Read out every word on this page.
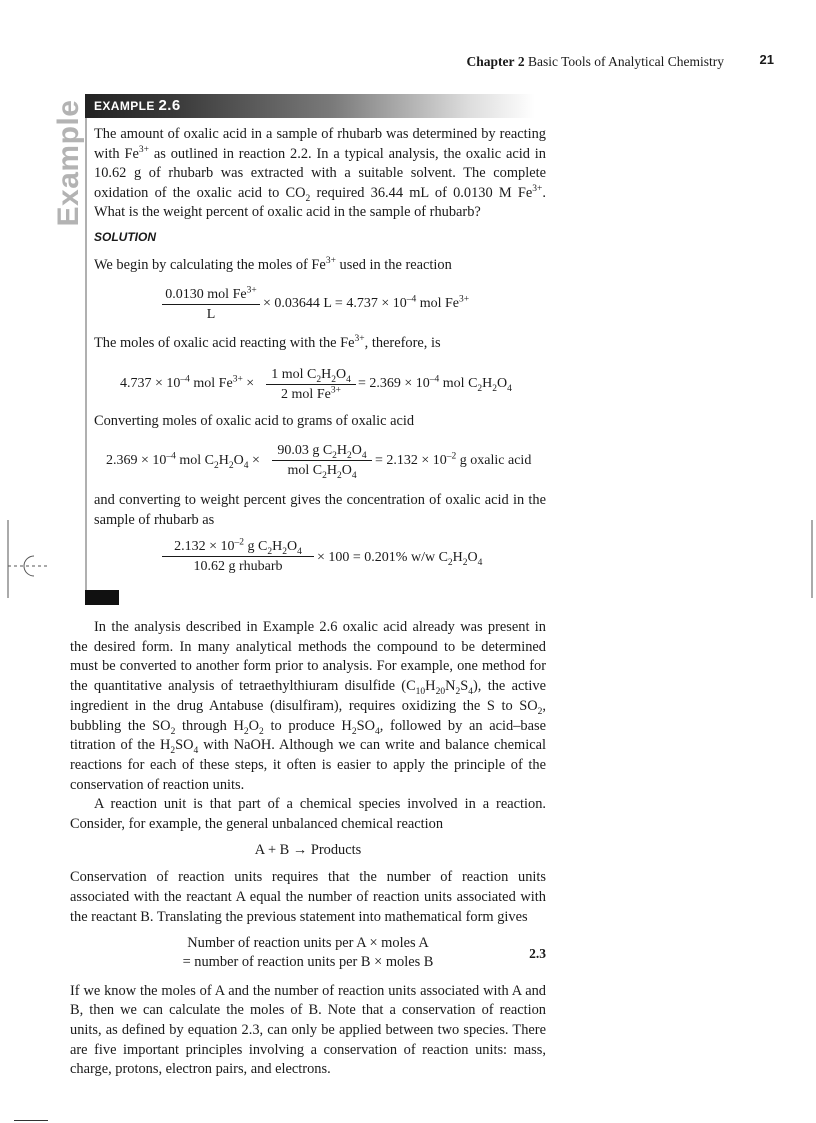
Chapter 2 Basic Tools of Analytical Chemistry	21
Example EXAMPLE 2.6

The amount of oxalic acid in a sample of rhubarb was determined by reacting with $Fe^{3+}$ as outlined in reaction 2.2. In a typical analysis, the oxalic acid in 10.62 g of rhubarb was extracted with a suitable solvent. The complete oxidation of the oxalic acid to $CO_2$ required 36.44 mL of 0.0130 M $Fe^{3+}$. What is the weight percent of oxalic acid in the sample of rhubarb?

SOLUTION
We begin by calculating the moles of $Fe^{3+}$ used in the reaction
0.0130 mol $Fe^{3+}$
L
× 0.03644 $L = 4.737 \times 10^{-4}$ mol $Fe^{3+}$
The moles of oxalic acid reacting with the $Fe^{3+}$, therefore, is
$4.737 \times 10^{-4}$ mol $Fe^{3+}$ ×
1 mol $C_2H_2O_4$
2 mol $Fe^{3+}$	= $2.369 \times 10^{-4}$ mol $C_2H_2O_4$
Converting moles of oxalic acid to grams of oxalic acid
$2.369 \times 10^{-4}$ mol $C_2H_2O_4$ ×
90.03 g $C_2H_2O_4$
mol $C_2H_2O_4$
= $2.132 \times 10^{-2}$ g oxalic acid
and converting to weight percent gives the concentration of oxalic acid in the sample of rhubarb as
$2.132 \times 10^{-2}$ g $C_2H_2O_4$
10.62 g rhubarb
× 100 = 0.201% w/w $C_2H_2O_4$

In the analysis described in Example 2.6 oxalic acid already was present in the desired form. In many analytical methods the compound to be determined must be converted to another form prior to analysis. For example, one method for the quantitative analysis of tetraethylthiuram disulfide $(C_{10}H_{20}N_2S_4)$, the active ingredient in the drug Antabuse (disulfiram), requires oxidizing the S to $SO_2$, bubbling the $SO_2$ through $H_2O_2$ to produce $H_2SO_4$, followed by an acid–base titration of the $H_2SO_4$ with NaOH. Although we can write and balance chemical reactions for each of these steps, it often is easier to apply the principle of the conservation of reaction units.

A reaction unit is that part of a chemical species involved in a reaction. Consider, for example, the general unbalanced chemical reaction

A + B → Products

Conservation of reaction units requires that the number of reaction units associated with the reactant A equal the number of reaction units associated with the reactant B. Translating the previous statement into mathematical form gives

Number of reaction units per A × moles A
= number of reaction units per B × moles B
2.3

If we know the moles of A and the number of reaction units associated with A and B, then we can calculate the moles of B. Note that a conservation of reaction units, as defined by equation 2.3, can only be applied between two species. There are five important principles involving a conservation of reaction units: mass, charge, protons, electron pairs, and electrons.
